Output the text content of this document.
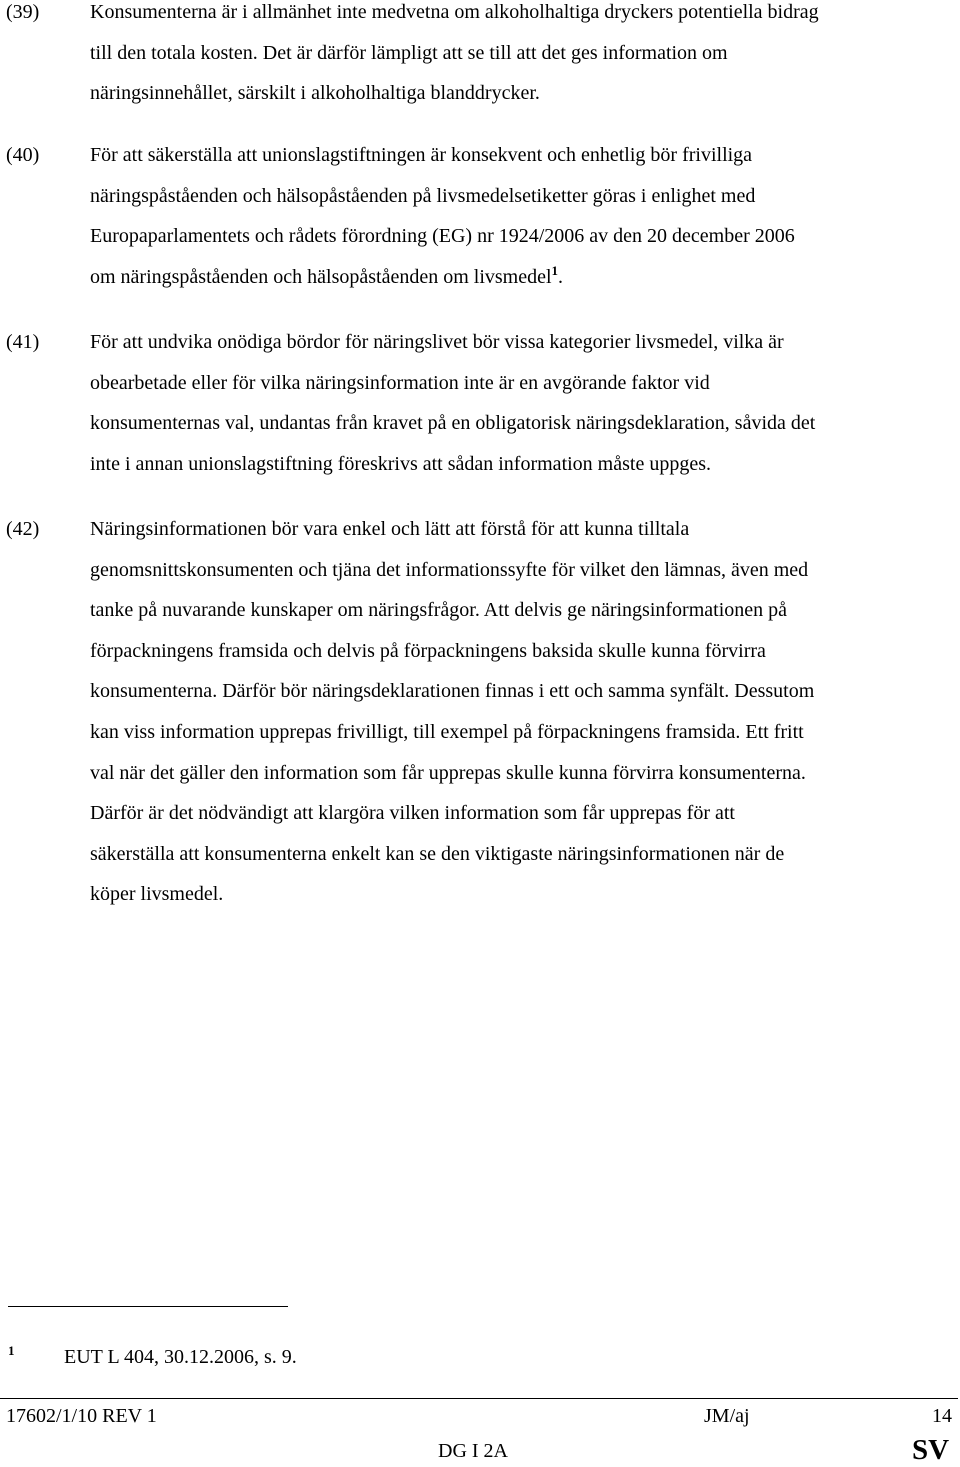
(39)	Konsumenterna är i allmänhet inte medvetna om alkoholhaltiga dryckers potentiella bidrag
till den totala kosten. Det är därför lämpligt att se till att det ges information om
näringsinnehållet, särskilt i alkoholhaltiga blanddrycker.
(40)	För att säkerställa att unionslagstiftningen är konsekvent och enhetlig bör frivilliga
näringspåståenden och hälsopåståenden på livsmedelsetiketter göras i enlighet med
Europaparlamentets och rådets förordning (EG) nr 1924/2006 av den 20 december 2006
om näringspåståenden och hälsopåståenden om livsmedel$^1$.
(41)	För att undvika onödiga bördor för näringslivet bör vissa kategorier livsmedel, vilka är
obearbetade eller för vilka näringsinformation inte är en avgörande faktor vid
konsumenternas val, undantas från kravet på en obligatorisk näringsdeklaration, såvida det
inte i annan unionslagstiftning föreskrivs att sådan information måste uppges.
(42)	Näringsinformationen bör vara enkel och lätt att förstå för att kunna tilltala
genomsnittskonsumenten och tjäna det informationssyfte för vilket den lämnas, även med
tanke på nuvarande kunskaper om näringsfrågor. Att delvis ge näringsinformationen på
förpackningens framsida och delvis på förpackningens baksida skulle kunna förvirra
konsumenterna. Därför bör näringsdeklarationen finnas i ett och samma synfält. Dessutom
kan viss information upprepas frivilligt, till exempel på förpackningens framsida. Ett fritt
val när det gäller den information som får upprepas skulle kunna förvirra konsumenterna.
Därför är det nödvändigt att klargöra vilken information som får upprepas för att
säkerställa att konsumenterna enkelt kan se den viktigaste näringsinformationen när de
köper livsmedel.
1 EUT L 404, 30.12.2006, s. 9.
17602/1/10 REV 1	JM/aj	14
DG I 2A	SV
